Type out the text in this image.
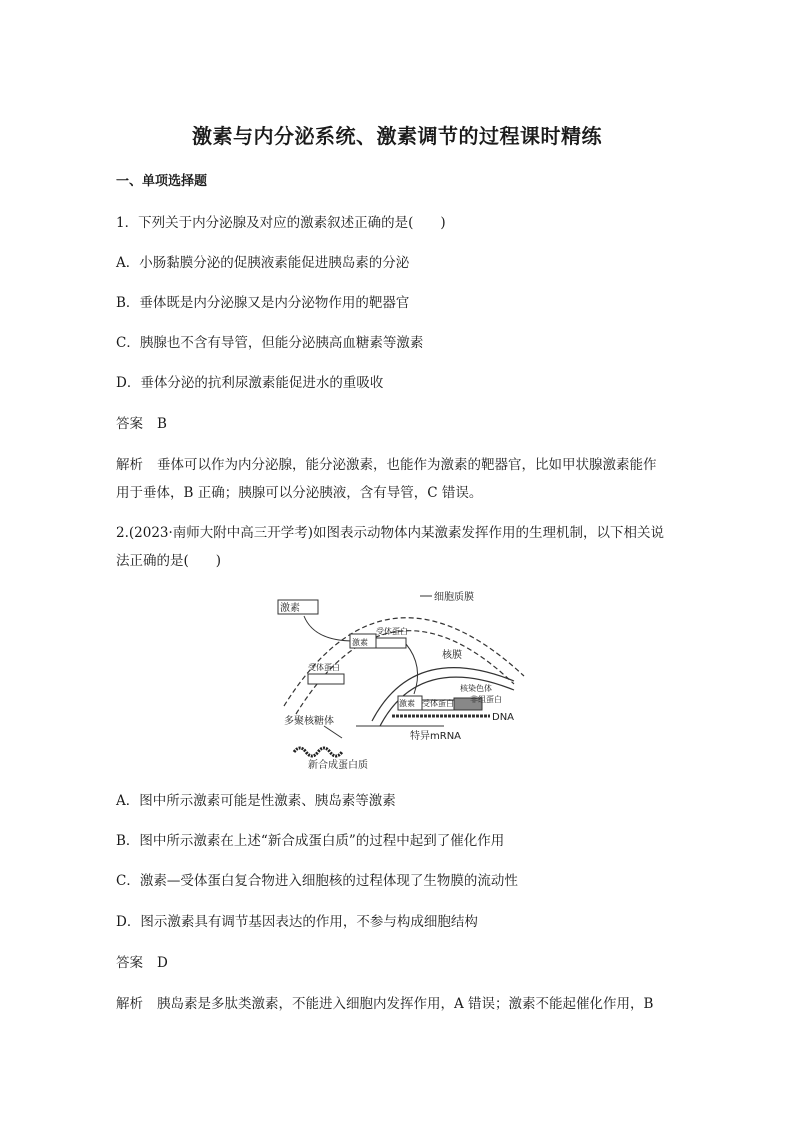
激素与内分泌系统、激素调节的过程课时精练
一、单项选择题
1．下列关于内分泌腺及对应的激素叙述正确的是(　　)
A．小肠黏膜分泌的促胰液素能促进胰岛素的分泌
B．垂体既是内分泌腺又是内分泌物作用的靶器官
C．胰腺也不含有导管，但能分泌胰高血糖素等激素
D．垂体分泌的抗利尿激素能促进水的重吸收
答案 B
解析 垂体可以作为内分泌腺，能分泌激素，也能作为激素的靶器官，比如甲状腺激素能作
用于垂体，B 正确；胰腺可以分泌胰液，含有导管，C 错误。
2.(2023·南师大附中高三开学考)如图表示动物体内某激素发挥作用的生理机制，以下相关说
法正确的是(　　)
激素
激素
受体蛋白
受体蛋白
激素 受体蛋白
细胞质膜
核膜
核染色体
非组蛋白
DNA
多聚核糖体
特异mRNA
新合成蛋白质
A．图中所示激素可能是性激素、胰岛素等激素
B．图中所示激素在上述“新合成蛋白质”的过程中起到了催化作用
C．激素—受体蛋白复合物进入细胞核的过程体现了生物膜的流动性
D．图示激素具有调节基因表达的作用，不参与构成细胞结构
答案 D
解析 胰岛素是多肽类激素，不能进入细胞内发挥作用，A 错误；激素不能起催化作用，B
